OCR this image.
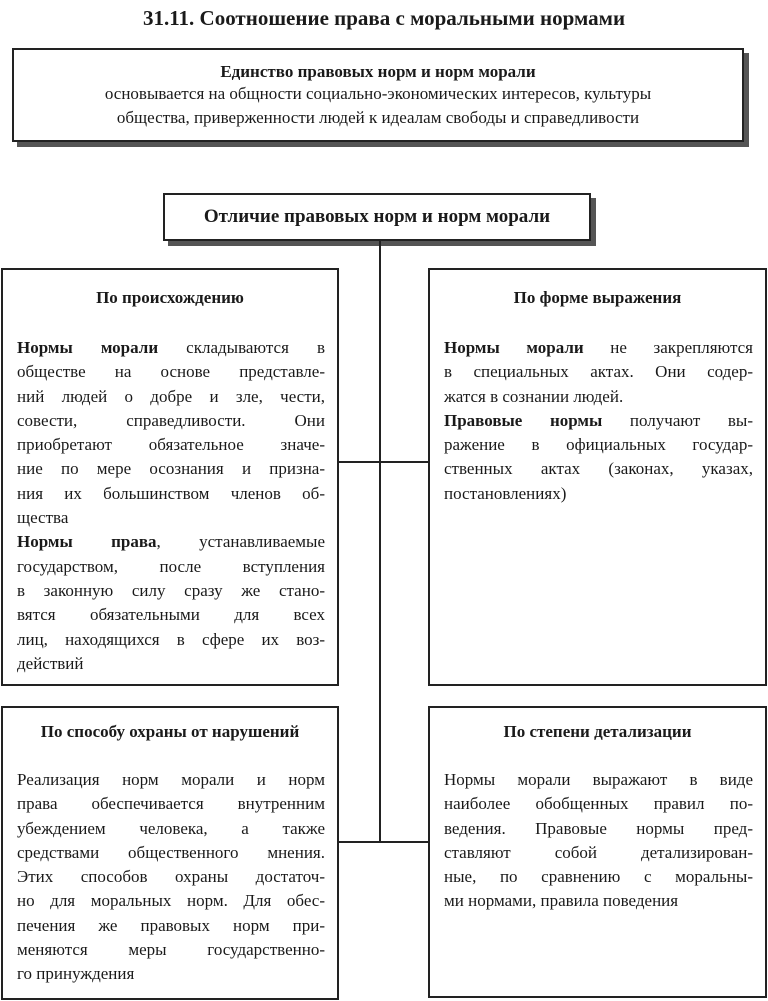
31.11. Соотношение права с моральными нормами
Единство правовых норм и норм морали
основывается на общности социально-экономических интересов, культуры
общества, приверженности людей к идеалам свободы и справедливости
Отличие правовых норм и норм морали
По происхождению
Нормы морали складываются в
обществе на основе представле-
ний людей о добре и зле, чести,
совести, справедливости. Они
приобретают обязательное значе-
ние по мере осознания и призна-
ния их большинством членов об-
щества
Нормы права, устанавливаемые
государством, после вступления
в законную силу сразу же стано-
вятся обязательными для всех
лиц, находящихся в сфере их воз-
действий
По форме выражения
Нормы морали не закрепляются
в специальных актах. Они содер-
жатся в сознании людей.
Правовые нормы получают вы-
ражение в официальных государ-
ственных актах (законах, указах,
постановлениях)
По способу охраны от нарушений
Реализация норм морали и норм
права обеспечивается внутренним
убеждением человека, а также
средствами общественного мнения.
Этих способов охраны достаточ-
но для моральных норм. Для обес-
печения же правовых норм при-
меняются меры государственно-
го принуждения
По степени детализации
Нормы морали выражают в виде
наиболее обобщенных правил по-
ведения. Правовые нормы пред-
ставляют собой детализирован-
ные, по сравнению с моральны-
ми нормами, правила поведения
